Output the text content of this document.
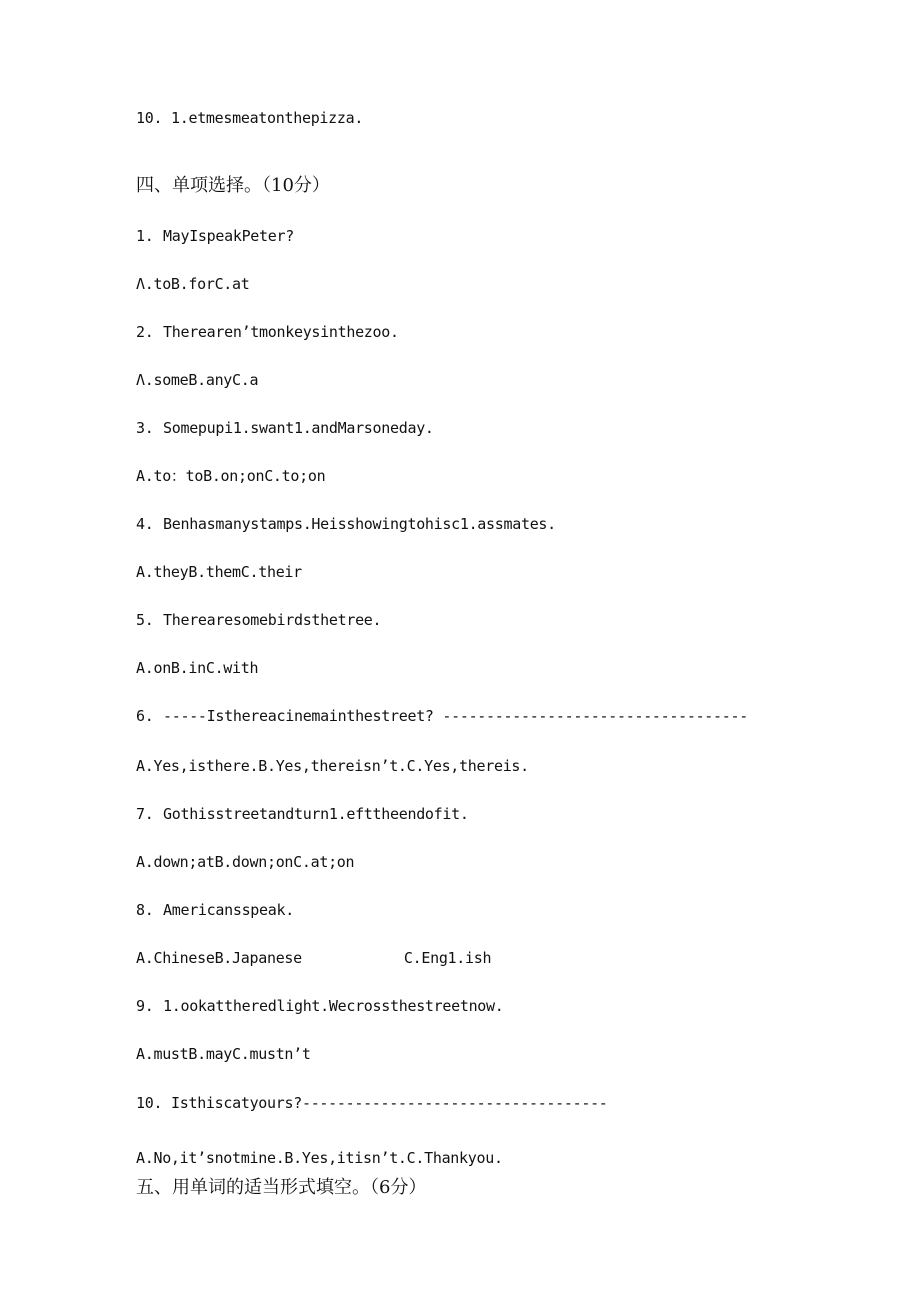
10. 1.etmesmeatonthepizza.
四、单项选择。（10分）
1. MayIspeakPeter?
Λ.toB.forC.at
2. Therearen’tmonkeysinthezoo.
Λ.someB.anyC.a
3. Somepupi1.swant1.andMarsoneday.
A.to：toB.on;onC.to;on
4. Benhasmanystamps.Heisshowingtohisc1.assmates.
A.theyB.themC.their
5. Therearesomebirdsthetree.
A.onB.inC.with
6. -----Isthereacinemainthestreet? -----------------------------------
A.Yes,isthere.B.Yes,thereisn’t.C.Yes,thereis.
7. Gothisstreetandturn1.efttheendofit.
A.down;atB.down;onC.at;on
8. Americansspeak.
A.ChineseB.Japanese	C.Eng1.ish
9. 1.ookattheredlight.Wecrossthestreetnow.
A.mustB.mayC.mustn’t
10. Isthiscatyours?-----------------------------------
A.No,it’snotmine.B.Yes,itisn’t.C.Thankyou.五、用单词的适当形式填空。（6分）
